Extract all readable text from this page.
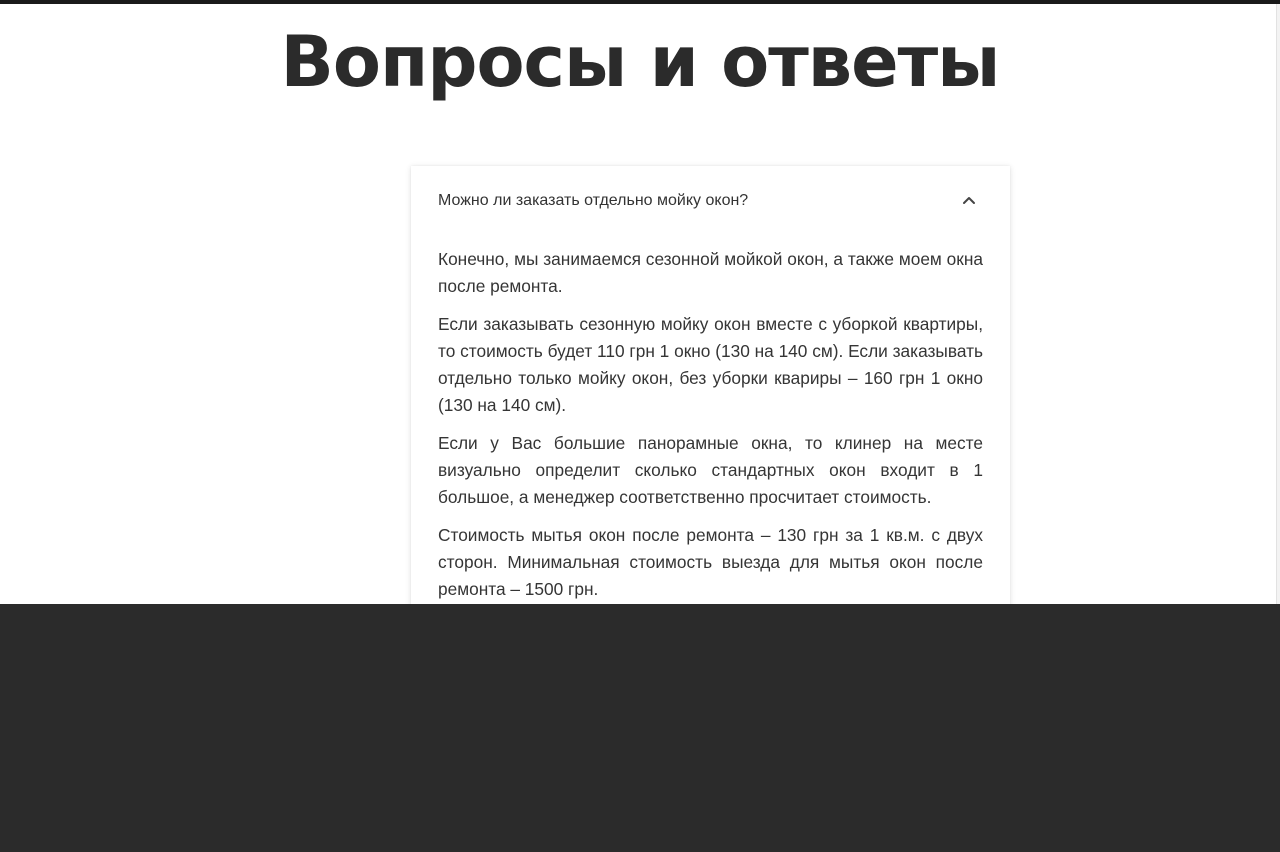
Вопросы и ответы
Можно ли заказать отдельно мойку окон?

Конечно, мы занимаемся сезонной мойкой окон, а также моем окна после ремонта.

Если заказывать сезонную мойку окон вместе с уборкой квартиры, то стоимость будет 110 грн 1 окно (130 на 140 см). Если заказывать отдельно только мойку окон, без уборки квариры – 160 грн 1 окно (130 на 140 см).

Если у Вас большие панорамные окна, то клинер на месте визуально определит сколько стандартных окон входит в 1 большое, а менеджер соответственно просчитает стоимость.

Стоимость мытья окон после ремонта – 130 грн за 1 кв.м. с двух сторон. Минимальная стоимость выезда для мытья окон после ремонта – 1500 грн.
